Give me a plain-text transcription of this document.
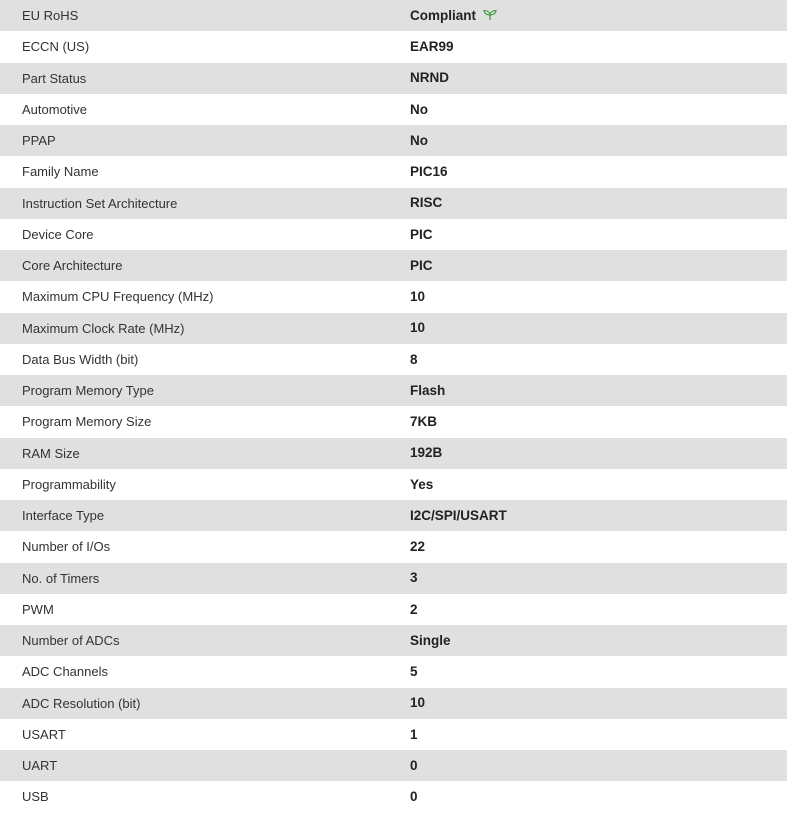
EU RoHS	Compliant
ECCN (US)	EAR99
Part Status	NRND
Automotive	No
PPAP	No
Family Name	PIC16
Instruction Set Architecture	RISC
Device Core	PIC
Core Architecture	PIC
Maximum CPU Frequency (MHz)	10
Maximum Clock Rate (MHz)	10
Data Bus Width (bit)	8
Program Memory Type	Flash
Program Memory Size	7KB
RAM Size	192B
Programmability	Yes
Interface Type	I2C/SPI/USART
Number of I/Os	22
No. of Timers	3
PWM	2
Number of ADCs	Single
ADC Channels	5
ADC Resolution (bit)	10
USART	1
UART	0
USB	0
